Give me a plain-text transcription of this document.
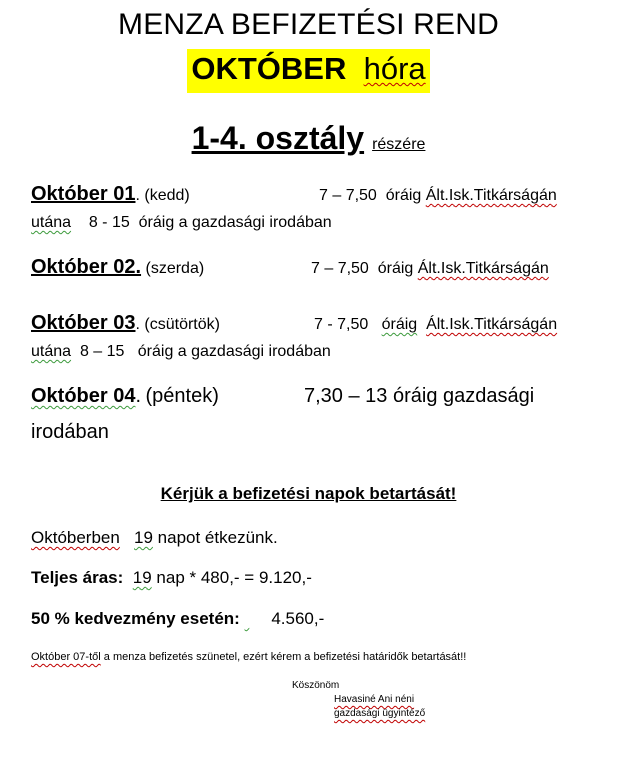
MENZA BEFIZETÉSI REND
OKTÓBER hóra
1-4. osztály részére
Október 01. (kedd)	7 – 7,50 óráig Ált.Isk.Titkárságán
utána 8 - 15 óráig a gazdasági irodában
Október 02. (szerda)	7 – 7,50 óráig Ált.Isk.Titkárságán
Október 03. (csütörtök)	7 - 7,50 óráig Ált.Isk.Titkárságán
utána 8 – 15 óráig a gazdasági irodában
Október 04. (péntek)	7,30 – 13 óráig gazdasági
irodában
Kérjük a befizetési napok betartását!
Októberben 19 napot étkezünk.
Teljes áras: 19 nap * 480,- = 9.120,-
50 % kedvezmény esetén: 4.560,-
Október 07-től a menza befizetés szünetel, ezért kérem a befizetési határidők betartását!!
Köszönöm
Havasiné Ani néni
gazdasági ügyintéző
